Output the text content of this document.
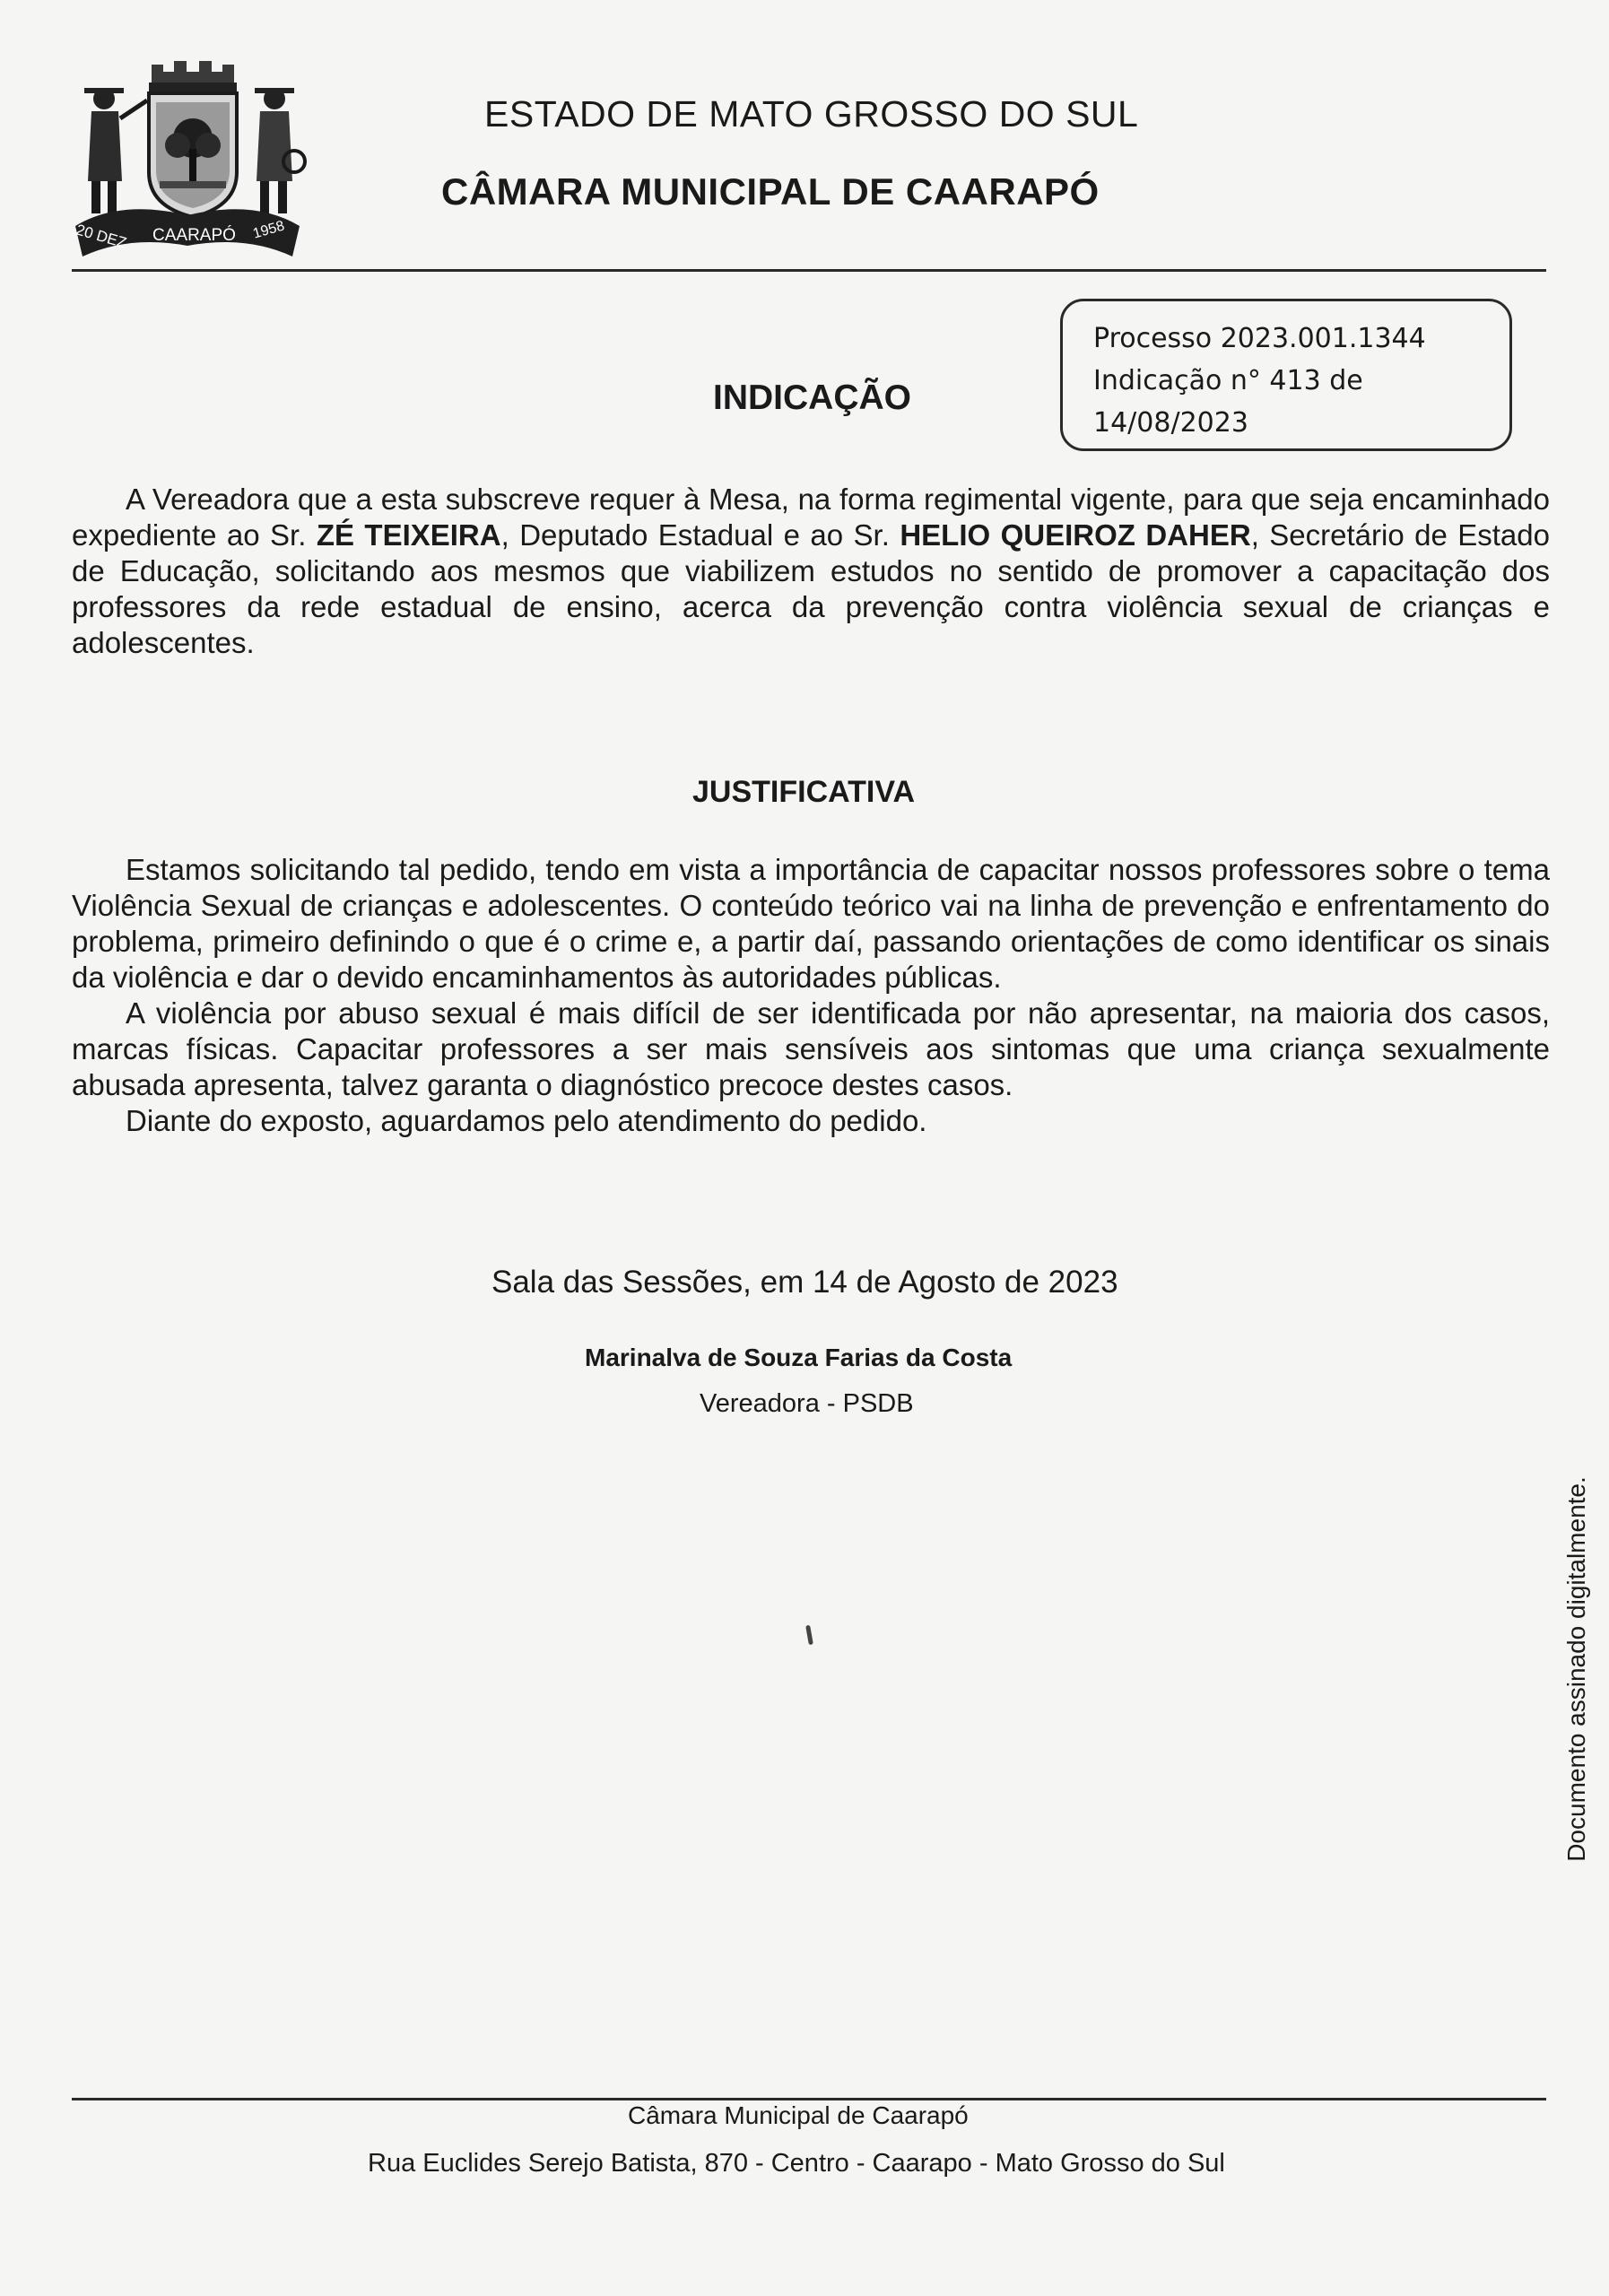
20 DEZ CAARAPÓ 1958
ESTADO DE MATO GROSSO DO SUL
CÂMARA MUNICIPAL DE CAARAPÓ
Processo 2023.001.1344
Indicação n° 413 de
14/08/2023
INDICAÇÃO

A Vereadora que a esta subscreve requer à Mesa, na forma regimental vigente, para que seja encaminhado expediente ao Sr. ZÉ TEIXEIRA, Deputado Estadual e ao Sr. HELIO QUEIROZ DAHER, Secretário de Estado de Educação, solicitando aos mesmos que viabilizem estudos no sentido de promover a capacitação dos professores da rede estadual de ensino, acerca da prevenção contra violência sexual de crianças e adolescentes.

JUSTIFICATIVA

Estamos solicitando tal pedido, tendo em vista a importância de capacitar nossos professores sobre o tema Violência Sexual de crianças e adolescentes. O conteúdo teórico vai na linha de prevenção e enfrentamento do problema, primeiro definindo o que é o crime e, a partir daí, passando orientações de como identificar os sinais da violência e dar o devido encaminhamentos às autoridades públicas.

A violência por abuso sexual é mais difícil de ser identificada por não apresentar, na maioria dos casos, marcas físicas. Capacitar professores a ser mais sensíveis aos sintomas que uma criança sexualmente abusada apresenta, talvez garanta o diagnóstico precoce destes casos.

Diante do exposto, aguardamos pelo atendimento do pedido.

Sala das Sessões, em 14 de Agosto de 2023
Marinalva de Souza Farias da Costa
Vereadora - PSDB
Documento assinado digitalmente.
Câmara Municipal de Caarapó
Rua Euclides Serejo Batista, 870 - Centro - Caarapo - Mato Grosso do Sul
